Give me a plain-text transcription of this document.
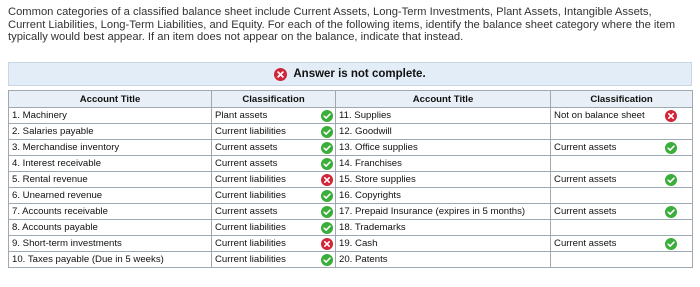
Common categories of a classified balance sheet include Current Assets, Long-Term Investments, Plant Assets, Intangible Assets, Current Liabilities, Long-Term Liabilities, and Equity. For each of the following items, identify the balance sheet category where the item typically would best appear. If an item does not appear on the balance, indicate that instead.
Answer is not complete.
Account Title	Classification		Account Title	Classification	
1. Machinery	Plant assets		11. Supplies	Not on balance sheet	

2. Salaries payable	Current liabilities		12. Goodwill		
3. Merchandise inventory	Current assets		13. Office supplies	Current assets	

4. Interest receivable	Current assets		14. Franchises		
5. Rental revenue	Current liabilities		15. Store supplies	Current assets	

6. Unearned revenue	Current liabilities		16. Copyrights		
7. Accounts receivable	Current assets		17. Prepaid Insurance (expires in 5 months)	Current assets	

8. Accounts payable	Current liabilities		18. Trademarks		
9. Short-term investments	Current liabilities		19. Cash	Current assets	

10. Taxes payable (Due in 5 weeks)	Current liabilities		20. Patents		
